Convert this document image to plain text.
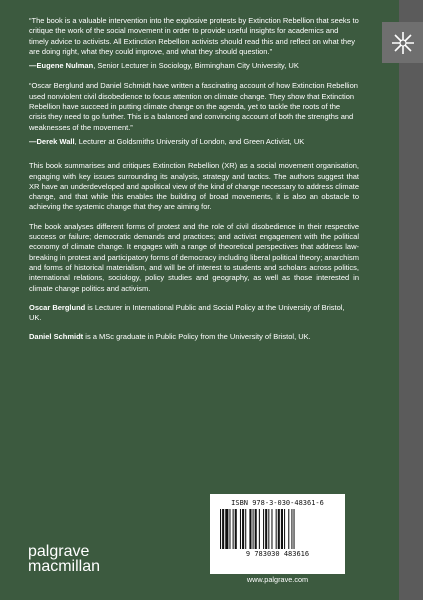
“The book is a valuable intervention into the explosive protests by Extinction Rebellion that seeks to critique the work of the social movement in order to provide useful insights for academics and timely advice to activists. All Extinction Rebellion activists should read this and reflect on what they are doing right, what they could improve, and what they should question.”

—Eugene Nulman, Senior Lecturer in Sociology, Birmingham City University, UK

“Oscar Berglund and Daniel Schmidt have written a fascinating account of how Extinction Rebellion used nonviolent civil disobedience to focus attention on climate change. They show that Extinction Rebellion have succeed in putting climate change on the agenda, yet to tackle the roots of the crisis they need to go further. This is a balanced and convincing account of both the strengths and weaknesses of the movement.”

—Derek Wall, Lecturer at Goldsmiths University of London, and Green Activist, UK

This book summarises and critiques Extinction Rebellion (XR) as a social movement organisation, engaging with key issues surrounding its analysis, strategy and tactics. The authors suggest that XR have an underdeveloped and apolitical view of the kind of change necessary to address climate change, and that while this enables the building of broad movements, it is also an obstacle to achieving the systemic change that they are aiming for.

The book analyses different forms of protest and the role of civil disobedience in their respective success or failure; democratic demands and practices; and activist engagement with the political economy of climate change. It engages with a range of theoretical perspectives that address law-breaking in protest and participatory forms of democracy including liberal political theory; anarchism and forms of historical materialism, and will be of interest to students and scholars across politics, international relations, sociology, policy studies and geography, as well as those interested in climate change politics and activism.

Oscar Berglund is Lecturer in International Public and Social Policy at the University of Bristol, UK.

Daniel Schmidt is a MSc graduate in Public Policy from the University of Bristol, UK.

ISBN 978-3-030-48361-6
9 783030 483616
www.palgrave.com
palgrave
macmillan
